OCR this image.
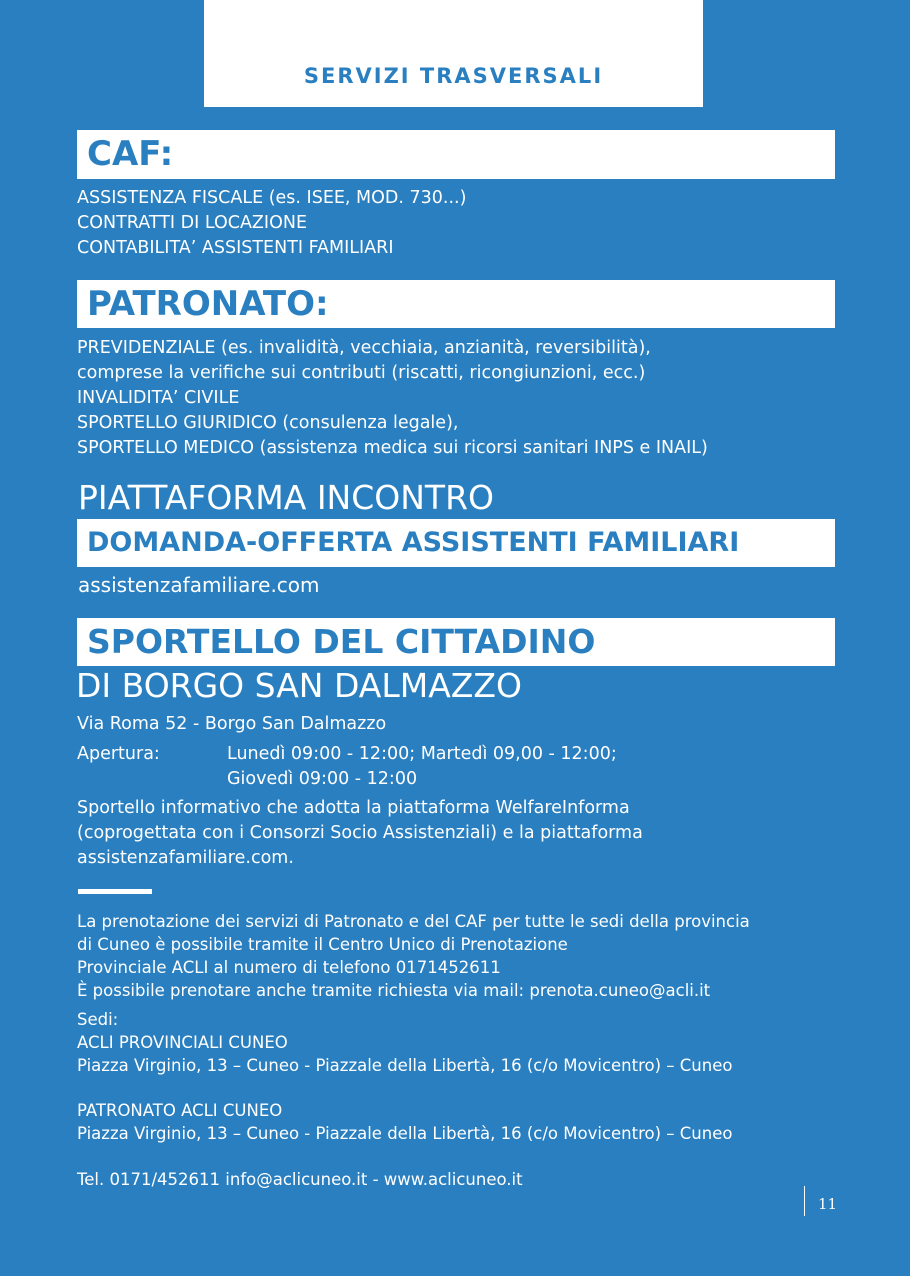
SERVIZI TRASVERSALI
CAF:
ASSISTENZA FISCALE (es. ISEE, MOD. 730...)
CONTRATTI DI LOCAZIONE
CONTABILITA’ ASSISTENTI FAMILIARI
PATRONATO:
PREVIDENZIALE (es. invalidità, vecchiaia, anzianità, reversibilità),
comprese la verifiche sui contributi (riscatti, ricongiunzioni, ecc.)
INVALIDITA’ CIVILE
SPORTELLO GIURIDICO (consulenza legale),
SPORTELLO MEDICO (assistenza medica sui ricorsi sanitari INPS e INAIL)
PIATTAFORMA INCONTRO
DOMANDA-OFFERTA ASSISTENTI FAMILIARI
assistenzafamiliare.com
SPORTELLO DEL CITTADINO
DI BORGO SAN DALMAZZO
Via Roma 52 - Borgo San Dalmazzo
Apertura:	Lunedì 09:00 - 12:00; Martedì 09,00 - 12:00;
Giovedì 09:00 - 12:00
Sportello informativo che adotta la piattaforma WelfareInforma
(coprogettata con i Consorzi Socio Assistenziali) e la piattaforma
assistenzafamiliare.com.
La prenotazione dei servizi di Patronato e del CAF per tutte le sedi della provincia
di Cuneo è possibile tramite il Centro Unico di Prenotazione
Provinciale ACLI al numero di telefono 0171452611
È possibile prenotare anche tramite richiesta via mail: prenota.cuneo@acli.it
Sedi:
ACLI PROVINCIALI CUNEO
Piazza Virginio, 13 – Cuneo - Piazzale della Libertà, 16 (c/o Movicentro) – Cuneo
PATRONATO ACLI CUNEO
Piazza Virginio, 13 – Cuneo - Piazzale della Libertà, 16 (c/o Movicentro) – Cuneo
Tel. 0171/452611 info@aclicuneo.it - www.aclicuneo.it
11
